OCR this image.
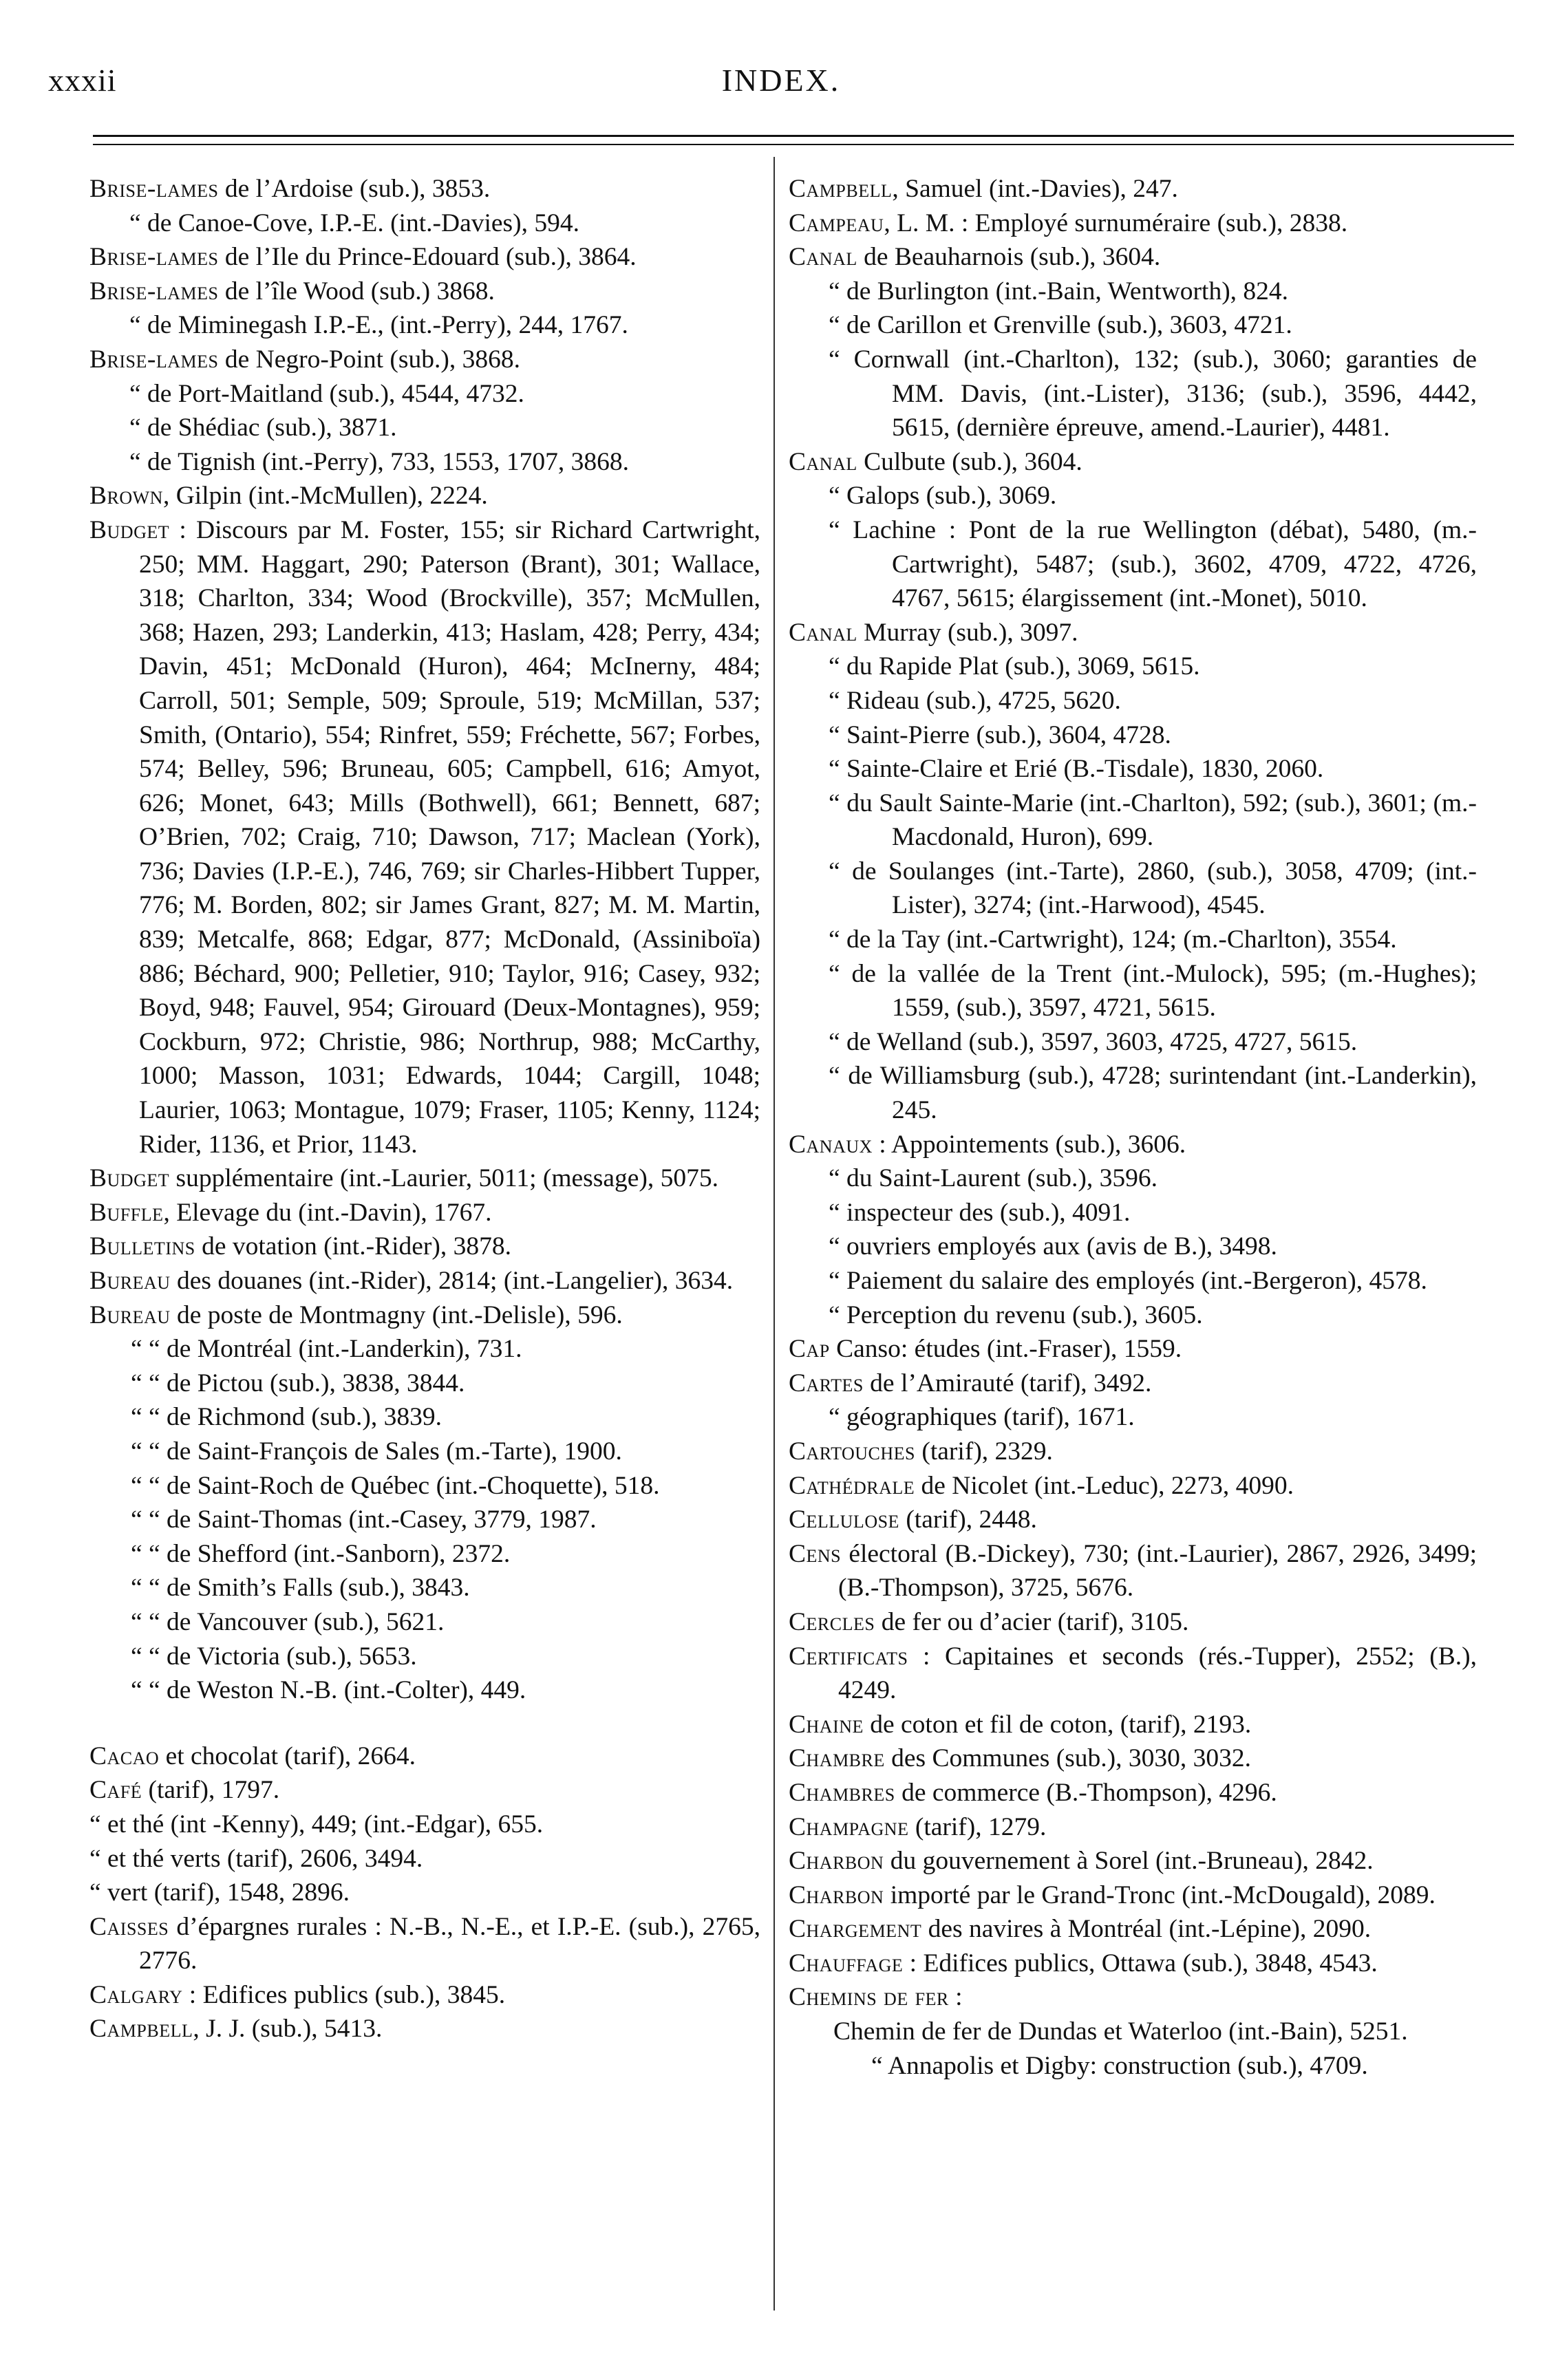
xxxii	INDEX.

Brise-lames de l’Ardoise (sub.), 3853.

“ de Canoe-Cove, I.P.-E. (int.-Davies), 594.

Brise-lames de l’Ile du Prince-Edouard (sub.), 3864.

Brise-lames de l’île Wood (sub.) 3868.

“ de Miminegash I.P.-E., (int.-Perry), 244, 1767.

Brise-lames de Negro-Point (sub.), 3868.

“ de Port-Maitland (sub.), 4544, 4732.

“ de Shédiac (sub.), 3871.

“ de Tignish (int.-Perry), 733, 1553, 1707, 3868.

Brown, Gilpin (int.-McMullen), 2224.

Budget : Discours par M. Foster, 155; sir Richard Cartwright, 250; MM. Haggart, 290; Paterson (Brant), 301; Wallace, 318; Charlton, 334; Wood (Brockville), 357; McMullen, 368; Hazen, 293; Landerkin, 413; Haslam, 428; Perry, 434; Davin, 451; McDonald (Huron), 464; McInerny, 484; Carroll, 501; Semple, 509; Sproule, 519; McMillan, 537; Smith, (Ontario), 554; Rinfret, 559; Fréchette, 567; Forbes, 574; Belley, 596; Bruneau, 605; Campbell, 616; Amyot, 626; Monet, 643; Mills (Bothwell), 661; Bennett, 687; O’Brien, 702; Craig, 710; Dawson, 717; Maclean (York), 736; Davies (I.P.-E.), 746, 769; sir Charles-Hibbert Tupper, 776; M. Borden, 802; sir James Grant, 827; M. M. Martin, 839; Metcalfe, 868; Edgar, 877; McDonald, (Assiniboïa) 886; Béchard, 900; Pelletier, 910; Taylor, 916; Casey, 932; Boyd, 948; Fauvel, 954; Girouard (Deux-Montagnes), 959; Cockburn, 972; Christie, 986; Northrup, 988; McCarthy, 1000; Masson, 1031; Edwards, 1044; Cargill, 1048; Laurier, 1063; Montague, 1079; Fraser, 1105; Kenny, 1124; Rider, 1136, et Prior, 1143.

Budget supplémentaire (int.-Laurier, 5011; (message), 5075.

Buffle, Elevage du (int.-Davin), 1767.

Bulletins de votation (int.-Rider), 3878.

Bureau des douanes (int.-Rider), 2814; (int.-Langelier), 3634.

Bureau de poste de Montmagny (int.-Delisle), 596.

“ “ de Montréal (int.-Landerkin), 731.

“ “ de Pictou (sub.), 3838, 3844.

“ “ de Richmond (sub.), 3839.

“ “ de Saint-François de Sales (m.-Tarte), 1900.

“ “ de Saint-Roch de Québec (int.-Choquette), 518.

“ “ de Saint-Thomas (int.-Casey, 3779, 1987.

“ “ de Shefford (int.-Sanborn), 2372.

“ “ de Smith’s Falls (sub.), 3843.

“ “ de Vancouver (sub.), 5621.

“ “ de Victoria (sub.), 5653.

“ “ de Weston N.-B. (int.-Colter), 449.

Cacao et chocolat (tarif), 2664.

Café (tarif), 1797.

“ et thé (int -Kenny), 449; (int.-Edgar), 655.

“ et thé verts (tarif), 2606, 3494.

“ vert (tarif), 1548, 2896.

Caisses d’épargnes rurales : N.-B., N.-E., et I.P.-E. (sub.), 2765, 2776.

Calgary : Edifices publics (sub.), 3845.

Campbell, J. J. (sub.), 5413.

Campbell, Samuel (int.-Davies), 247.

Campeau, L. M. : Employé surnuméraire (sub.), 2838.

Canal de Beauharnois (sub.), 3604.

“ de Burlington (int.-Bain, Wentworth), 824.

“ de Carillon et Grenville (sub.), 3603, 4721.

“ Cornwall (int.-Charlton), 132; (sub.), 3060; garanties de MM. Davis, (int.-Lister), 3136; (sub.), 3596, 4442, 5615, (dernière épreuve, amend.-Laurier), 4481.

Canal Culbute (sub.), 3604.

“ Galops (sub.), 3069.

“ Lachine : Pont de la rue Wellington (débat), 5480, (m.-Cartwright), 5487; (sub.), 3602, 4709, 4722, 4726, 4767, 5615; élargissement (int.-Monet), 5010.

Canal Murray (sub.), 3097.

“ du Rapide Plat (sub.), 3069, 5615.

“ Rideau (sub.), 4725, 5620.

“ Saint-Pierre (sub.), 3604, 4728.

“ Sainte-Claire et Erié (B.-Tisdale), 1830, 2060.

“ du Sault Sainte-Marie (int.-Charlton), 592; (sub.), 3601; (m.-Macdonald, Huron), 699.

“ de Soulanges (int.-Tarte), 2860, (sub.), 3058, 4709; (int.-Lister), 3274; (int.-Harwood), 4545.

“ de la Tay (int.-Cartwright), 124; (m.-Charlton), 3554.

“ de la vallée de la Trent (int.-Mulock), 595; (m.-Hughes); 1559, (sub.), 3597, 4721, 5615.

“ de Welland (sub.), 3597, 3603, 4725, 4727, 5615.

“ de Williamsburg (sub.), 4728; surintendant (int.-Landerkin), 245.

Canaux : Appointements (sub.), 3606.

“ du Saint-Laurent (sub.), 3596.

“ inspecteur des (sub.), 4091.

“ ouvriers employés aux (avis de B.), 3498.

“ Paiement du salaire des employés (int.-Bergeron), 4578.

“ Perception du revenu (sub.), 3605.

Cap Canso: études (int.-Fraser), 1559.

Cartes de l’Amirauté (tarif), 3492.

“ géographiques (tarif), 1671.

Cartouches (tarif), 2329.

Cathédrale de Nicolet (int.-Leduc), 2273, 4090.

Cellulose (tarif), 2448.

Cens électoral (B.-Dickey), 730; (int.-Laurier), 2867, 2926, 3499; (B.-Thompson), 3725, 5676.

Cercles de fer ou d’acier (tarif), 3105.

Certificats : Capitaines et seconds (rés.-Tupper), 2552; (B.), 4249.

Chaine de coton et fil de coton, (tarif), 2193.

Chambre des Communes (sub.), 3030, 3032.

Chambres de commerce (B.-Thompson), 4296.

Champagne (tarif), 1279.

Charbon du gouvernement à Sorel (int.-Bruneau), 2842.

Charbon importé par le Grand-Tronc (int.-McDougald), 2089.

Chargement des navires à Montréal (int.-Lépine), 2090.

Chauffage : Edifices publics, Ottawa (sub.), 3848, 4543.

Chemins de fer :

Chemin de fer de Dundas et Waterloo (int.-Bain), 5251.

“ Annapolis et Digby: construction (sub.), 4709.
